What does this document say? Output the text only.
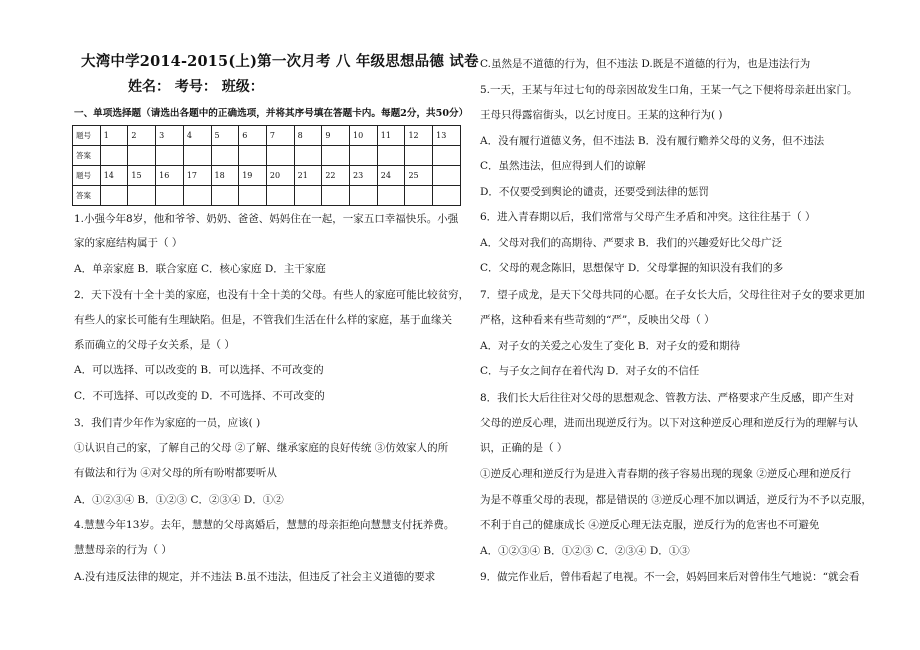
大湾中学2014-2015(上)第一次月考 八 年级思想品德 试卷
姓名： 考号： 班级：
一、单项选择题（请选出各题中的正确选项，并将其序号填在答题卡内。每题2分，共50分）
题号	1	2	3	4	5	6	7	8	9	10	11	12	13
答案													
题号	14	15	16	17	18	19	20	21	22	23	24	25	
答案													
1.小强今年8岁，他和爷爷、奶奶、爸爸、妈妈住在一起，一家五口幸福快乐。小强
家的家庭结构属于（ ）
A．单亲家庭 B．联合家庭 C．核心家庭 D．主干家庭
2．天下没有十全十美的家庭，也没有十全十美的父母。有些人的家庭可能比较贫穷，
有些人的家长可能有生理缺陷。但是，不管我们生活在什么样的家庭，基于血缘关
系而确立的父母子女关系，是（ ）
A．可以选择、可以改变的 B．可以选择、不可改变的
C．不可选择、可以改变的 D．不可选择、不可改变的
3．我们青少年作为家庭的一员，应该( )
①认识自己的家，了解自己的父母 ②了解、继承家庭的良好传统 ③仿效家人的所
有做法和行为 ④对父母的所有吩咐都要听从
A．①②③④ B．①②③ C．②③④ D．①②
4.慧慧今年13岁。去年，慧慧的父母离婚后，慧慧的母亲拒绝向慧慧支付抚养费。
慧慧母亲的行为（ ）
A.没有违反法律的规定，并不违法 B.虽不违法，但违反了社会主义道德的要求
C.虽然是不道德的行为，但不违法 D.既是不道德的行为，也是违法行为
5.一天，王某与年过七旬的母亲因故发生口角，王某一气之下便将母亲赶出家门。
王母只得露宿街头，以乞讨度日。王某的这种行为( )
A．没有履行道德义务，但不违法 B．没有履行赡养父母的义务，但不违法
C．虽然违法，但应得到人们的谅解
D．不仅要受到舆论的谴责，还要受到法律的惩罚
6．进入青春期以后，我们常常与父母产生矛盾和冲突。这往往基于（ ）
A．父母对我们的高期待、严要求 B．我们的兴趣爱好比父母广泛
C．父母的观念陈旧，思想保守 D．父母掌握的知识没有我们的多
7．望子成龙，是天下父母共同的心愿。在子女长大后，父母往往对子女的要求更加
严格，这种看来有些苛刻的“严”，反映出父母（ ）
A．对子女的关爱之心发生了变化 B．对子女的爱和期待
C．与子女之间存在着代沟 D．对子女的不信任
8．我们长大后往往对父母的思想观念、管教方法、严格要求产生反感，即产生对
父母的逆反心理，进而出现逆反行为。以下对这种逆反心理和逆反行为的理解与认
识，正确的是（ ）
①逆反心理和逆反行为是进入青春期的孩子容易出现的现象 ②逆反心理和逆反行
为是不尊重父母的表现，都是错误的 ③逆反心理不加以调适，逆反行为不予以克服，
不利于自己的健康成长 ④逆反心理无法克服，逆反行为的危害也不可避免
A．①②③④ B．①②③ C．②③④ D．①③
9．做完作业后，曾伟看起了电视。不一会，妈妈回来后对曾伟生气地说：“就会看
